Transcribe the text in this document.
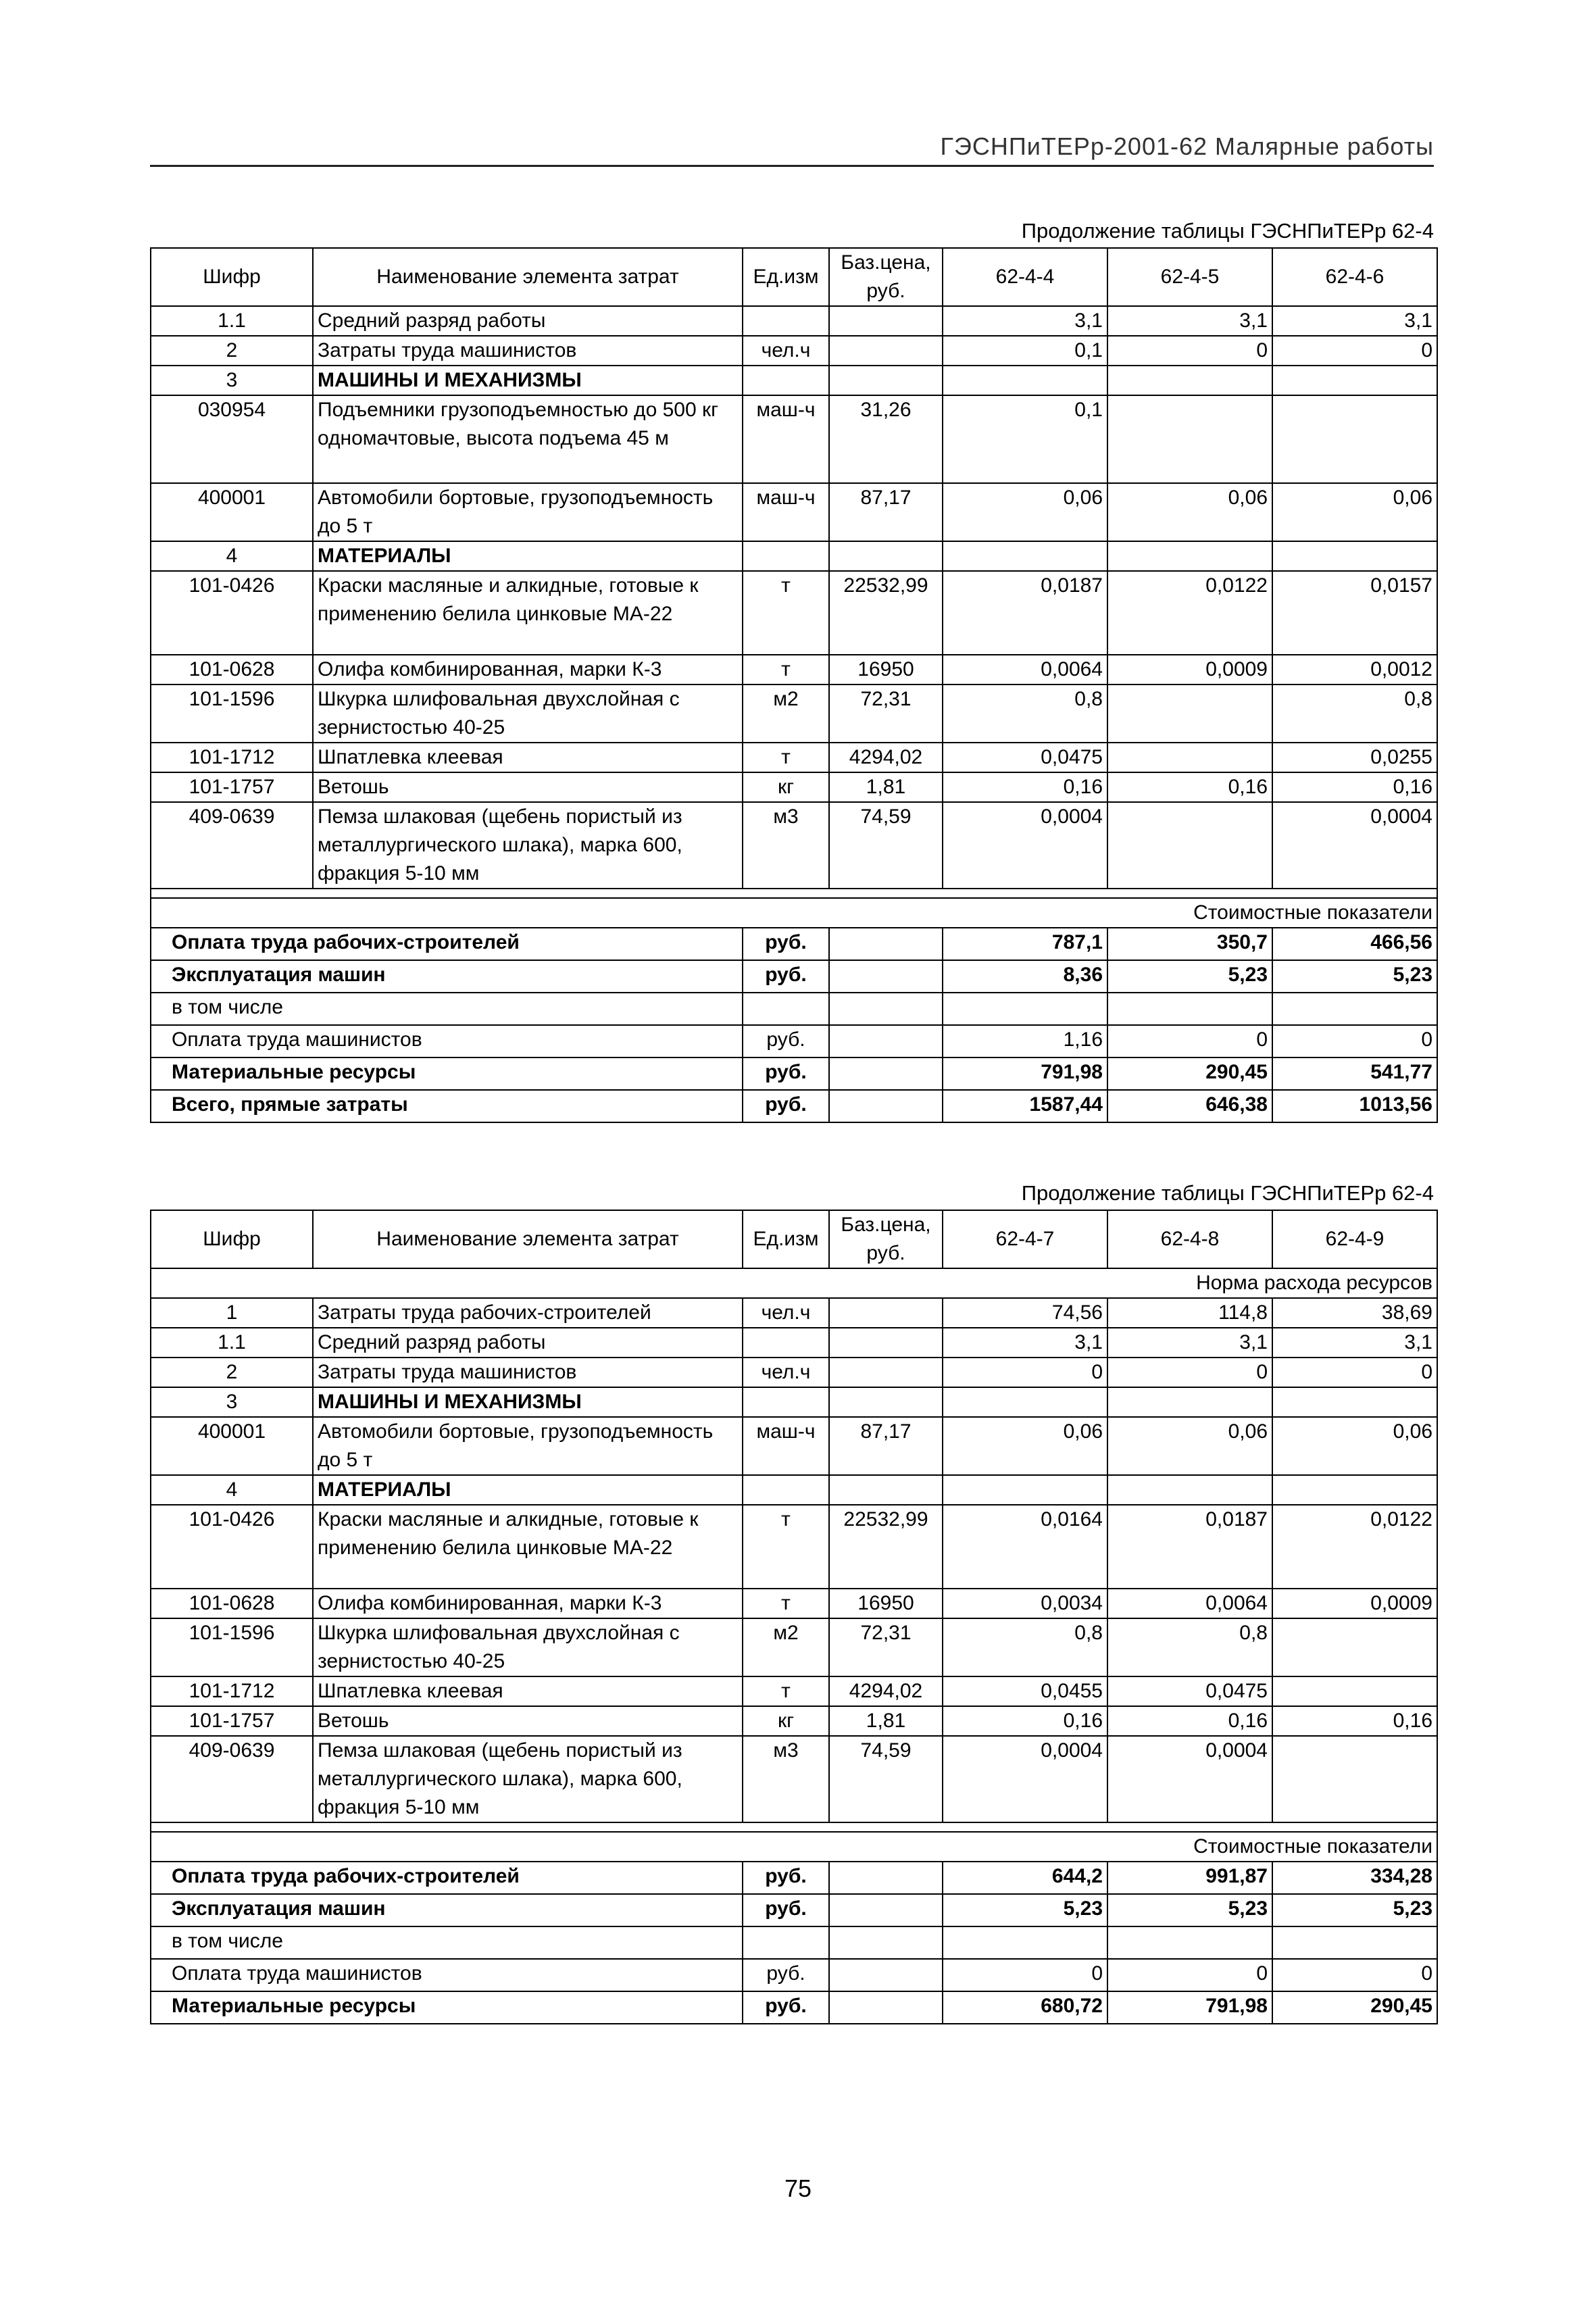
ГЭСНПиТЕРр-2001-62 Малярные работы
Продолжение таблицы ГЭСНПиТЕРр 62-4
Шифр	Наименование элемента затрат	Ед.изм	Баз.цена, руб.	62-4-4	62-4-5	62-4-6
1.1	Средний разряд работы			3,1	3,1	3,1
2	Затраты труда машинистов	чел.ч		0,1	0	0
3	МАШИНЫ И МЕХАНИЗМЫ					
030954	Подъемники грузоподъемностью до 500 кг одномачтовые, высота подъема 45 м	маш-ч	31,26	0,1		
400001	Автомобили бортовые, грузоподъемность до 5 т	маш-ч	87,17	0,06	0,06	0,06
4	МАТЕРИАЛЫ					
101-0426	Краски масляные и алкидные, готовые к применению белила цинковые МА-22	т	22532,99	0,0187	0,0122	0,0157
101-0628	Олифа комбинированная, марки К-3	т	16950	0,0064	0,0009	0,0012
101-1596	Шкурка шлифовальная двухслойная с зернистостью 40-25	м2	72,31	0,8		0,8
101-1712	Шпатлевка клеевая	т	4294,02	0,0475		0,0255
101-1757	Ветошь	кг	1,81	0,16	0,16	0,16
409-0639	Пемза шлаковая (щебень пористый из металлургического шлака), марка 600, фракция 5-10 мм	м3	74,59	0,0004		0,0004

Стоимостные показатели						
Оплата труда рабочих-строителей		руб.		787,1	350,7	466,56
Эксплуатация машин		руб.		8,36	5,23	5,23
в том числе						
Оплата труда машинистов		руб.		1,16	0	0
Материальные ресурсы		руб.		791,98	290,45	541,77
Всего, прямые затраты		руб.		1587,44	646,38	1013,56
Продолжение таблицы ГЭСНПиТЕРр 62-4
Шифр	Наименование элемента затрат	Ед.изм	Баз.цена, руб.	62-4-7	62-4-8	62-4-9
Норма расхода ресурсов						
1	Затраты труда рабочих-строителей	чел.ч		74,56	114,8	38,69
1.1	Средний разряд работы			3,1	3,1	3,1
2	Затраты труда машинистов	чел.ч		0	0	0
3	МАШИНЫ И МЕХАНИЗМЫ					
400001	Автомобили бортовые, грузоподъемность до 5 т	маш-ч	87,17	0,06	0,06	0,06
4	МАТЕРИАЛЫ					
101-0426	Краски масляные и алкидные, готовые к применению белила цинковые МА-22	т	22532,99	0,0164	0,0187	0,0122
101-0628	Олифа комбинированная, марки К-3	т	16950	0,0034	0,0064	0,0009
101-1596	Шкурка шлифовальная двухслойная с зернистостью 40-25	м2	72,31	0,8	0,8	
101-1712	Шпатлевка клеевая	т	4294,02	0,0455	0,0475	
101-1757	Ветошь	кг	1,81	0,16	0,16	0,16
409-0639	Пемза шлаковая (щебень пористый из металлургического шлака), марка 600, фракция 5-10 мм	м3	74,59	0,0004	0,0004	

Стоимостные показатели						
Оплата труда рабочих-строителей		руб.		644,2	991,87	334,28
Эксплуатация машин		руб.		5,23	5,23	5,23
в том числе						
Оплата труда машинистов		руб.		0	0	0
Материальные ресурсы		руб.		680,72	791,98	290,45
75
